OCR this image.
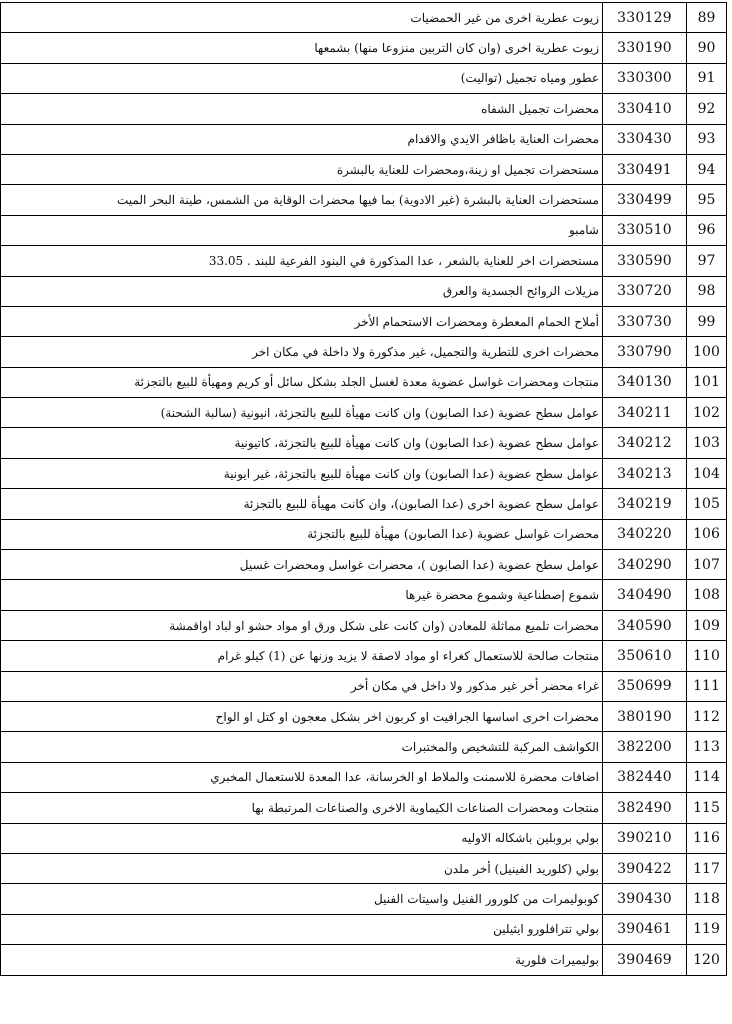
89	330129	زيوت عطرية اخرى من غير الحمضيات
90	330190	زيوت عطرية اخرى (وان كان التربين منزوعا منها) بشمعها
91	330300	عطور ومياه تجميل (تواليت)
92	330410	محضرات تجميل الشفاه
93	330430	محضرات العناية باظافر الايدي والاقدام
94	330491	مستحضرات تجميل او زينة،ومحضرات للعناية بالبشرة
95	330499	مستحضرات العناية بالبشرة (غير الادوية) بما فيها محضرات الوقاية من الشمس، طينة البحر الميت
96	330510	شامبو
97	330590	مستحضرات اخر للعناية بالشعر ، عدا المذكورة في البنود الفرعية للبند . 33.05
98	330720	مزيلات الروائح الجسدية والعرق
99	330730	أملاح الحمام المعطرة ومحضرات الاستحمام الأخر
100	330790	محضرات اخرى للتطرية والتجميل، غير مذكورة ولا داخلة في مكان اخر
101	340130	منتجات ومحضرات غواسل عضوية معدة لغسل الجلد بشكل سائل أو كريم ومهيأة للبيع بالتجزئة
102	340211	عوامل سطح عضوية (عدا الصابون) وان كانت مهيأة للبيع بالتجزئة، انيونية (سالبة الشحنة)
103	340212	عوامل سطح عضوية (عدا الصابون) وان كانت مهيأة للبيع بالتجزئة، كاتيونية
104	340213	عوامل سطح عضوية (عدا الصابون) وان كانت مهيأة للبيع بالتجزئة، غير ايونية
105	340219	عوامل سطح عضوية اخرى (عدا الصابون)، وان كانت مهيأة للبيع بالتجزئة
106	340220	محضرات غواسل عضوية (عدا الصابون) مهيأة للبيع بالتجزئة
107	340290	عوامل سطح عضوية (عدا الصابون )، محضرات غواسل ومحضرات غسيل
108	340490	شموع إصطناعية وشموع محضرة غيرها
109	340590	محضرات تلميع مماثلة للمعادن (وان كانت على شكل ورق او مواد حشو او لباد اواقمشة
110	350610	منتجات صالحة للاستعمال كغراء او مواد لاصقة لا يزيد وزنها عن (1) كيلو غرام
111	350699	غراء محضر أخر غير مذكور ولا داخل في مكان أخر
112	380190	محضرات اخرى اساسها الجرافيت او كربون اخر بشكل معجون او كتل او الواح
113	382200	الكواشف المركبة للتشخيص والمختبرات
114	382440	اضافات محضرة للاسمنت والملاط او الخرسانة، عدا المعدة للاستعمال المخبري
115	382490	منتجات ومحضرات الصناعات الكيماوية الاخرى والصناعات المرتبطة بها
116	390210	بولي بروبلين باشكاله الاوليه
117	390422	بولي (كلوريد الفينيل) أخر ملدن
118	390430	كوبوليمرات من كلورور الفنيل واسيتات الفنيل
119	390461	بولي تترافلورو ايثيلين
120	390469	بوليميرات فلورية
